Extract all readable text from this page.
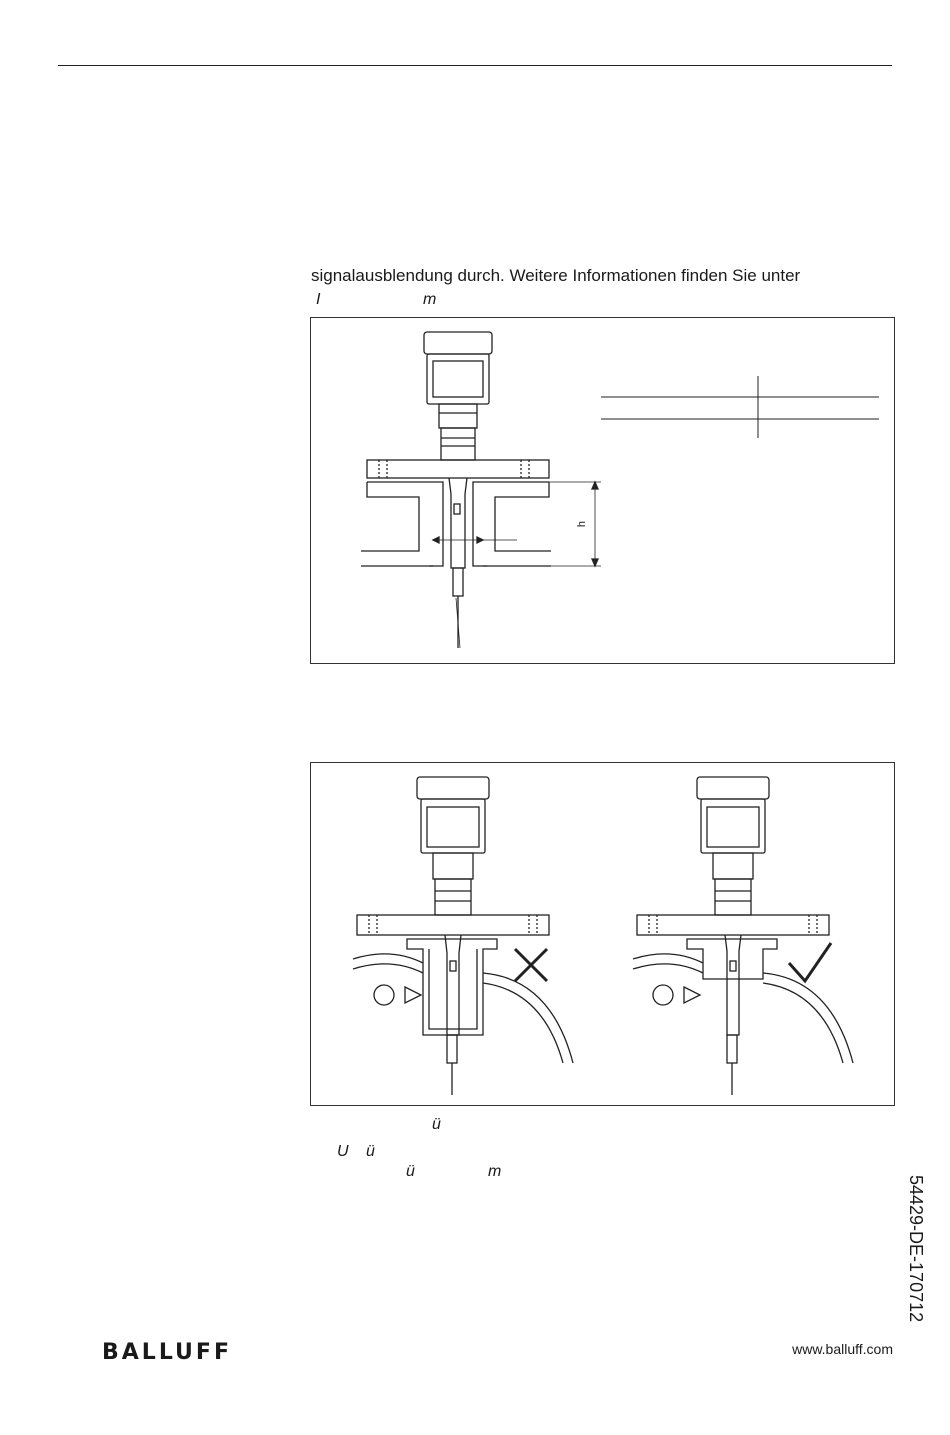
signalausblendung durch. Weitere Informationen finden Sie unter
I	m
h
ü
U ü
ü	m
54429-DE-170712
BALLUFF	www.balluff.com
